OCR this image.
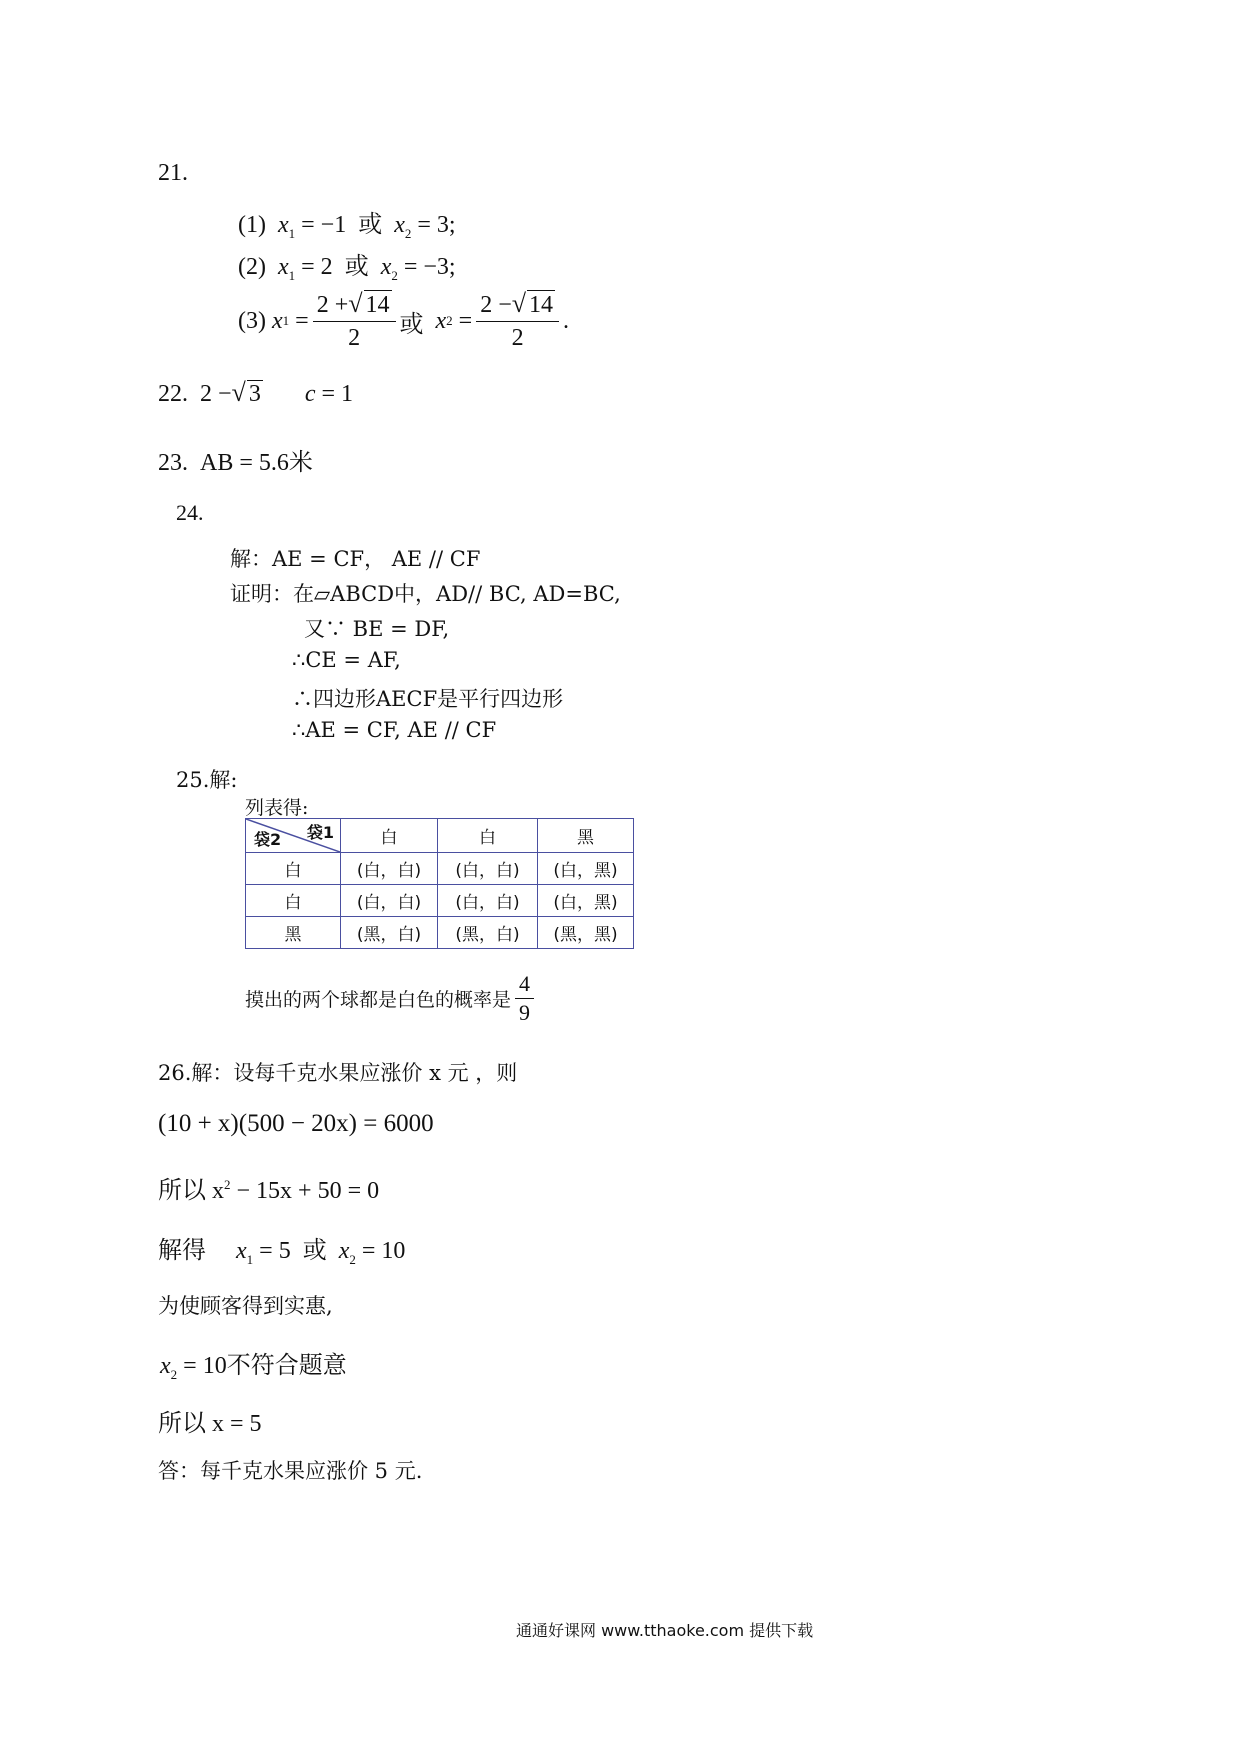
21.
(1) $x_1 = -1$ 或 $x_2 = 3$;
(2) $x_1 = 2$ 或 $x_2 = -3$;
(3)
x 1
= $\frac{2 +√ 14}{2}$ 或
x 2
= $\frac{2 -√ 14}{2}$ .
22. 2 −√ 3 c = 1
23. AB = 5.6米
24.
解：AE = CF， AE // CF
证明：在▱ABCD中，AD// BC, AD=BC,
又∵ BE = DF,
∴CE = AF,
∴四边形AECF是平行四边形
∴AE = CF, AE // CF
25.解:
列表得:
袋1
袋2	白	白	黑	
白	(白，白)	(白，白)	(白，黑)	
白	(白，白)	(白，白)	(白，黑)	
黑	(黑，白)	(黑，白)	(黑，黑)	
摸出的两个球都是白色的概率是 $\frac{4}{9}$
26.解：设每千克水果应涨价 x 元 ，则
(10 + x)(500 − 20x) = 6000
所以 $x^2 - 15x + 50 = 0$
解得 $x_1 = 5$ 或 $x_2 = 10$
为使顾客得到实惠,
$x_2 = 10$不符合题意
所以 x = 5
答：每千克水果应涨价 5 元.
通通好课网 www.tthaoke.com 提供下载
